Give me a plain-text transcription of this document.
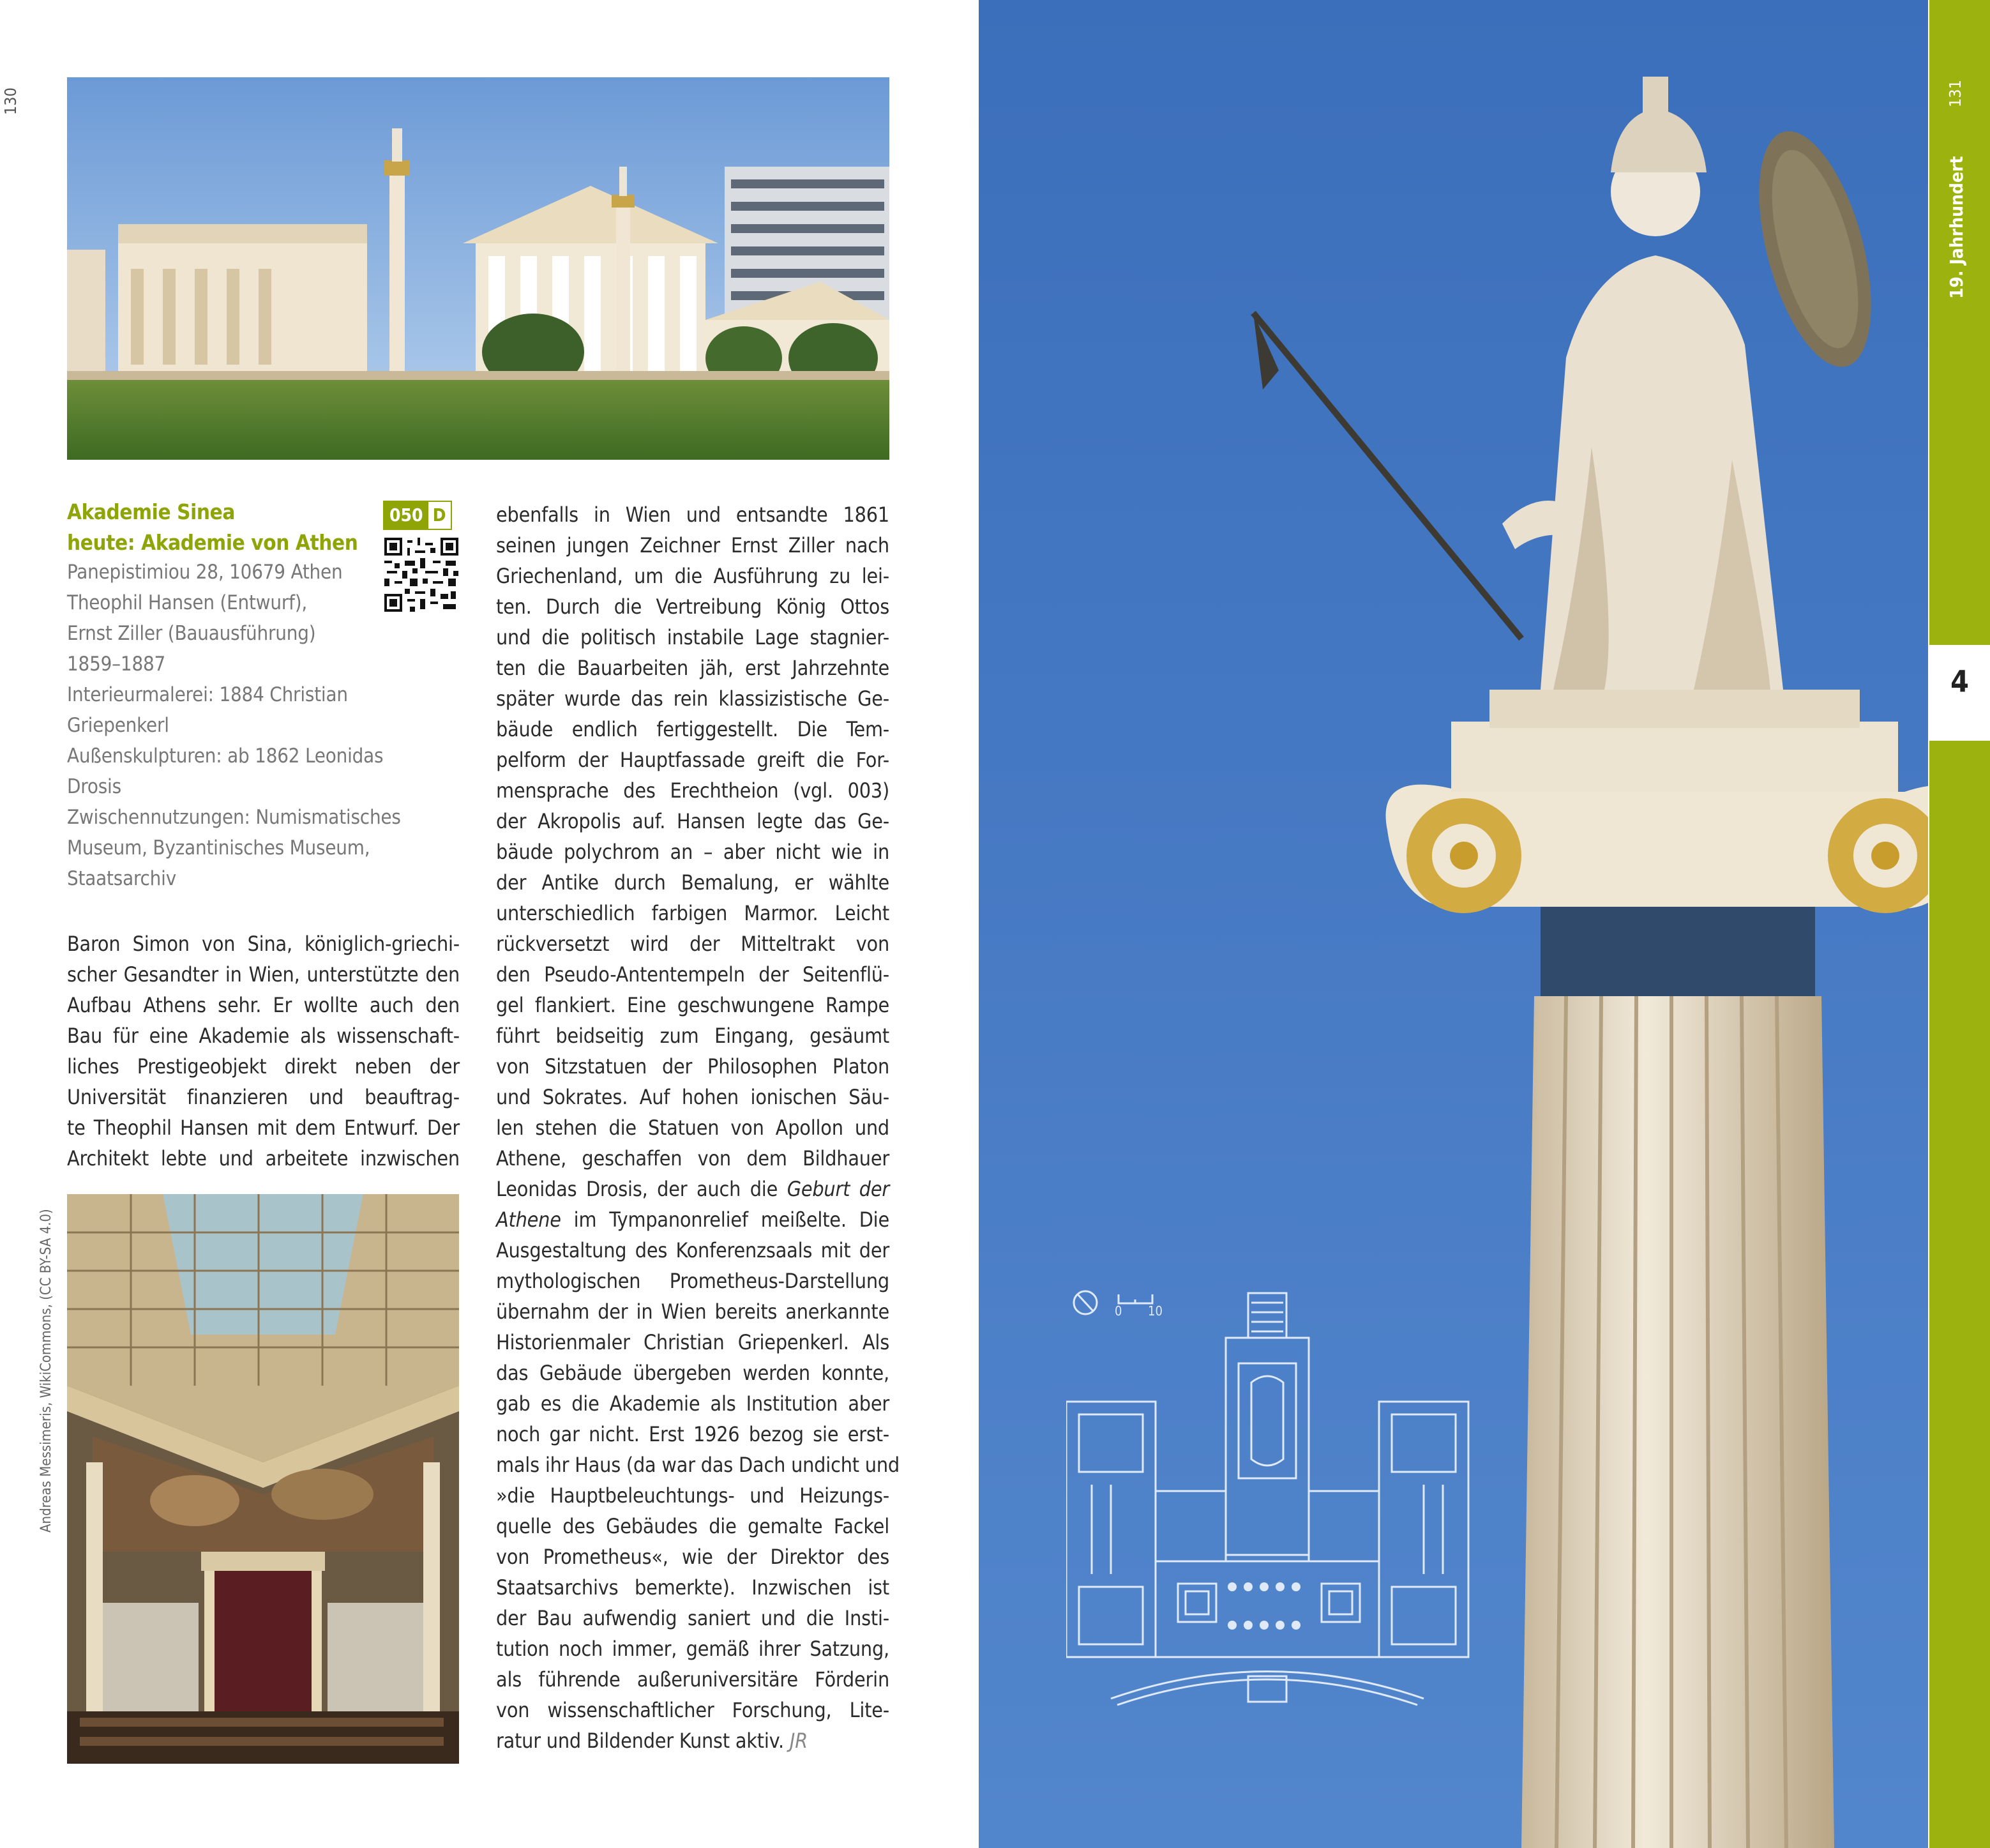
130
Akademie Sinea
heute: Akademie von Athen
050 D
Panepistimiou 28, 10679 Athen
Theophil Hansen (Entwurf),
Ernst Ziller (Bauausführung)
1859–1887
Interieurmalerei: 1884 Christian
Griepenkerl
Außenskulpturen: ab 1862 Leonidas
Drosis
Zwischennutzungen: Numismatisches
Museum, Byzantinisches Museum,
Staatsarchiv
Baron Simon von Sina, königlich-griechi-
scher Gesandter in Wien, unterstützte den
Aufbau Athens sehr. Er wollte auch den
Bau für eine Akademie als wissenschaft-
liches Prestigeobjekt direkt neben der
Universität finanzieren und beauftrag-
te Theophil Hansen mit dem Entwurf. Der
Architekt lebte und arbeitete inzwischen
Andreas Messimeris, WikiCommons, (CC BY-SA 4.0)
ebenfalls in Wien und entsandte 1861
seinen jungen Zeichner Ernst Ziller nach
Griechenland, um die Ausführung zu lei-
ten. Durch die Vertreibung König Ottos
und die politisch instabile Lage stagnier-
ten die Bauarbeiten jäh, erst Jahrzehnte
später wurde das rein klassizistische Ge-
bäude endlich fertiggestellt. Die Tem-
pelform der Hauptfassade greift die For-
mensprache des Erechtheion (vgl. 003)
der Akropolis auf. Hansen legte das Ge-
bäude polychrom an – aber nicht wie in
der Antike durch Bemalung, er wählte
unterschiedlich farbigen Marmor. Leicht
rückversetzt wird der Mitteltrakt von
den Pseudo-Antentempeln der Seitenflü-
gel flankiert. Eine geschwungene Rampe
führt beidseitig zum Eingang, gesäumt
von Sitzstatuen der Philosophen Platon
und Sokrates. Auf hohen ionischen Säu-
len stehen die Statuen von Apollon und
Athene, geschaffen von dem Bildhauer
Leonidas Drosis, der auch die Geburt der
Athene im Tympanonrelief meißelte. Die
Ausgestaltung des Konferenzsaals mit der
mythologischen Prometheus-Darstellung
übernahm der in Wien bereits anerkannte
Historienmaler Christian Griepenkerl. Als
das Gebäude übergeben werden konnte,
gab es die Akademie als Institution aber
noch gar nicht. Erst 1926 bezog sie erst-
mals ihr Haus (da war das Dach undicht und
»die Hauptbeleuchtungs- und Heizungs-
quelle des Gebäudes die gemalte Fackel
von Prometheus«, wie der Direktor des
Staatsarchivs bemerkte). Inzwischen ist
der Bau aufwendig saniert und die Insti-
tution noch immer, gemäß ihrer Satzung,
als führende außeruniversitäre Förderin
von wissenschaftlicher Forschung, Lite-
ratur und Bildender Kunst aktiv. JR
0 10
4
131
19. Jahrhundert
